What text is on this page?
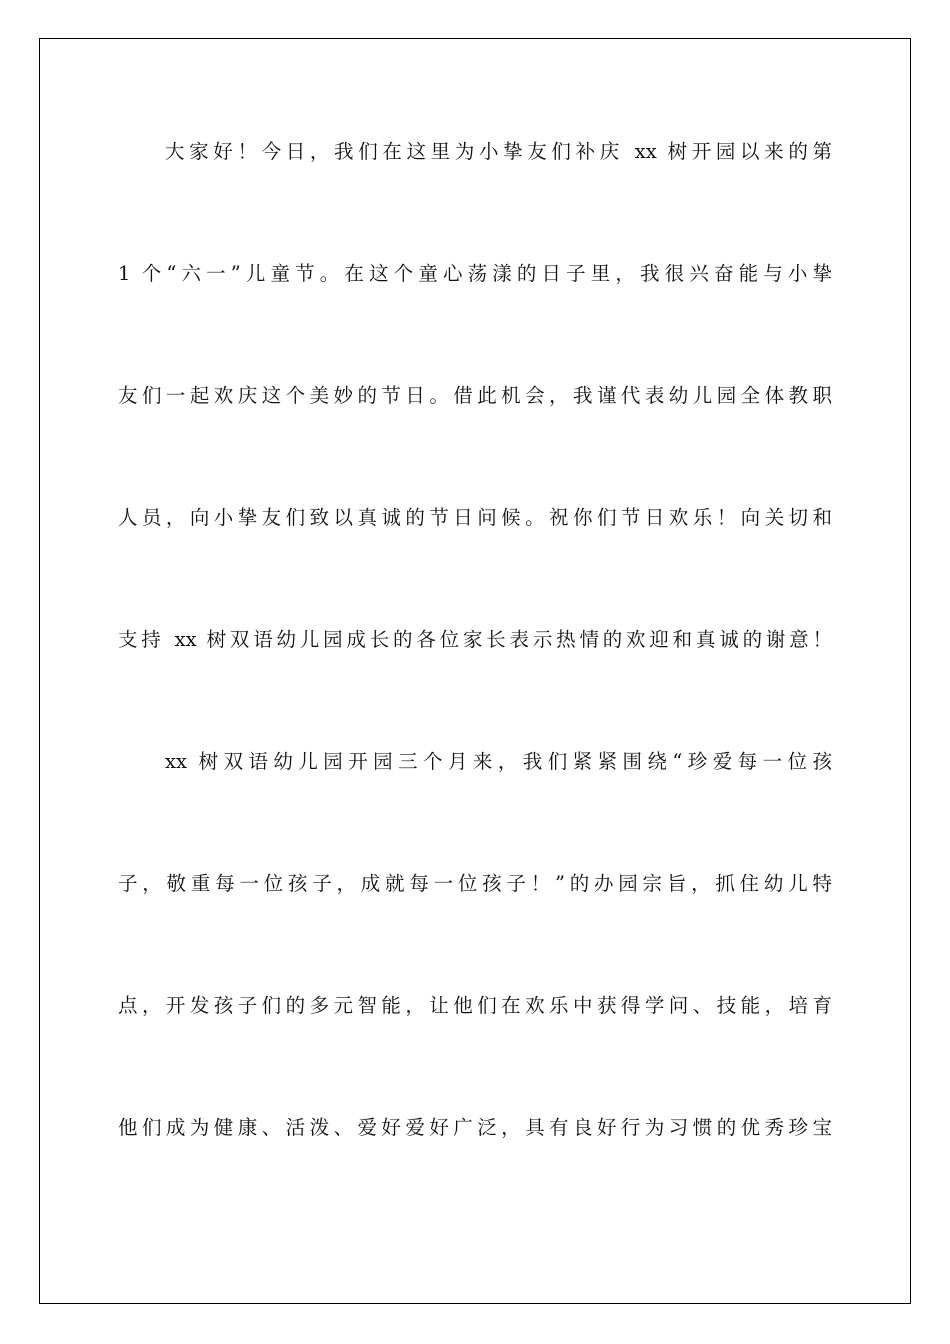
大家好！今日，我们在这里为小挚友们补庆 xx 树开园以来的第
1 个“六一”儿童节。在这个童心荡漾的日子里，我很兴奋能与小挚
友们一起欢庆这个美妙的节日。借此机会，我谨代表幼儿园全体教职
人员，向小挚友们致以真诚的节日问候。祝你们节日欢乐！向关切和
支持 xx 树双语幼儿园成长的各位家长表示热情的欢迎和真诚的谢意！
xx 树双语幼儿园开园三个月来，我们紧紧围绕“珍爱每一位孩
子，敬重每一位孩子，成就每一位孩子！”的办园宗旨，抓住幼儿特
点，开发孩子们的多元智能，让他们在欢乐中获得学问、技能，培育
他们成为健康、活泼、爱好爱好广泛，具有良好行为习惯的优秀珍宝
